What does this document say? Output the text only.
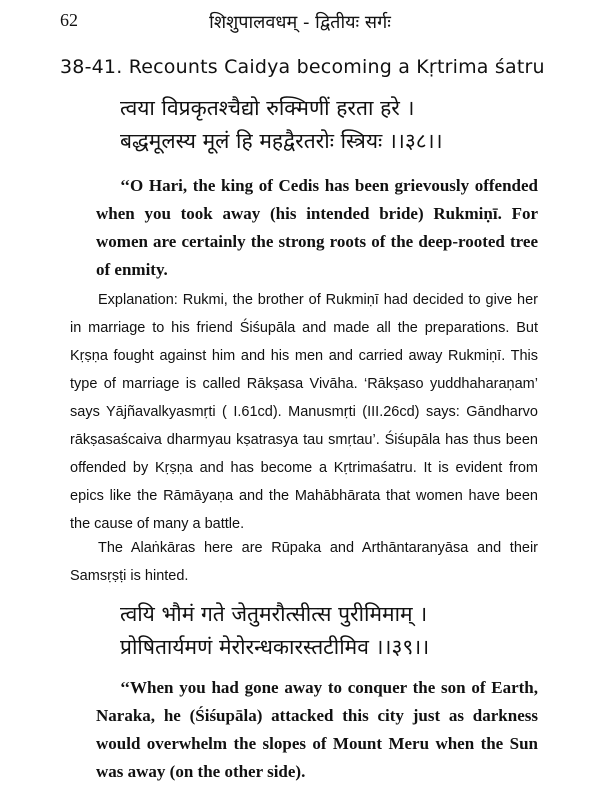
62	शिशुपालवधम् - द्वितीयः सर्गः
38-41. Recounts Caidya becoming a Kṛtrima śatru
त्वया विप्रकृतश्चैद्यो रुक्मिणीं हरता हरे ।
बद्धमूलस्य मूलं हि महद्वैरतरोः स्त्रियः ।।३८।।

‘‘O Hari, the king of Cedis has been grievously offended when you took away (his intended bride) Rukmiṇī. For women are certainly the strong roots of the deep-rooted tree of enmity.

Explanation: Rukmi, the brother of Rukmiṇī had decided to give her in marriage to his friend Śiśupāla and made all the preparations. But Kṛṣṇa fought against him and his men and carried away Rukmiṇī. This type of marriage is called Rākṣasa Vivāha. ‘Rākṣaso yuddhaharaṇam’ says Yājñavalkyasmṛti ( I.61cd). Manusmṛti (III.26cd) says: Gāndharvo rākṣasaścaiva dharmyau kṣatrasya tau smṛtau’. Śiśupāla has thus been offended by Kṛṣṇa and has become a Kṛtrimaśatru. It is evident from epics like the Rāmāyaṇa and the Mahābhārata that women have been the cause of many a battle.

The Alaṅkāras here are Rūpaka and Arthāntaranyāsa and their Samsṛṣṭi is hinted.

त्वयि भौमं गते जेतुमरौत्सीत्स पुरीमिमाम् ।
प्रोषितार्यमणं मेरोरन्धकारस्तटीमिव ।।३९।।

‘‘When you had gone away to conquer the son of Earth, Naraka, he (Śiśupāla) attacked this city just as darkness would overwhelm the slopes of Mount Meru when the Sun was away (on the other side).
